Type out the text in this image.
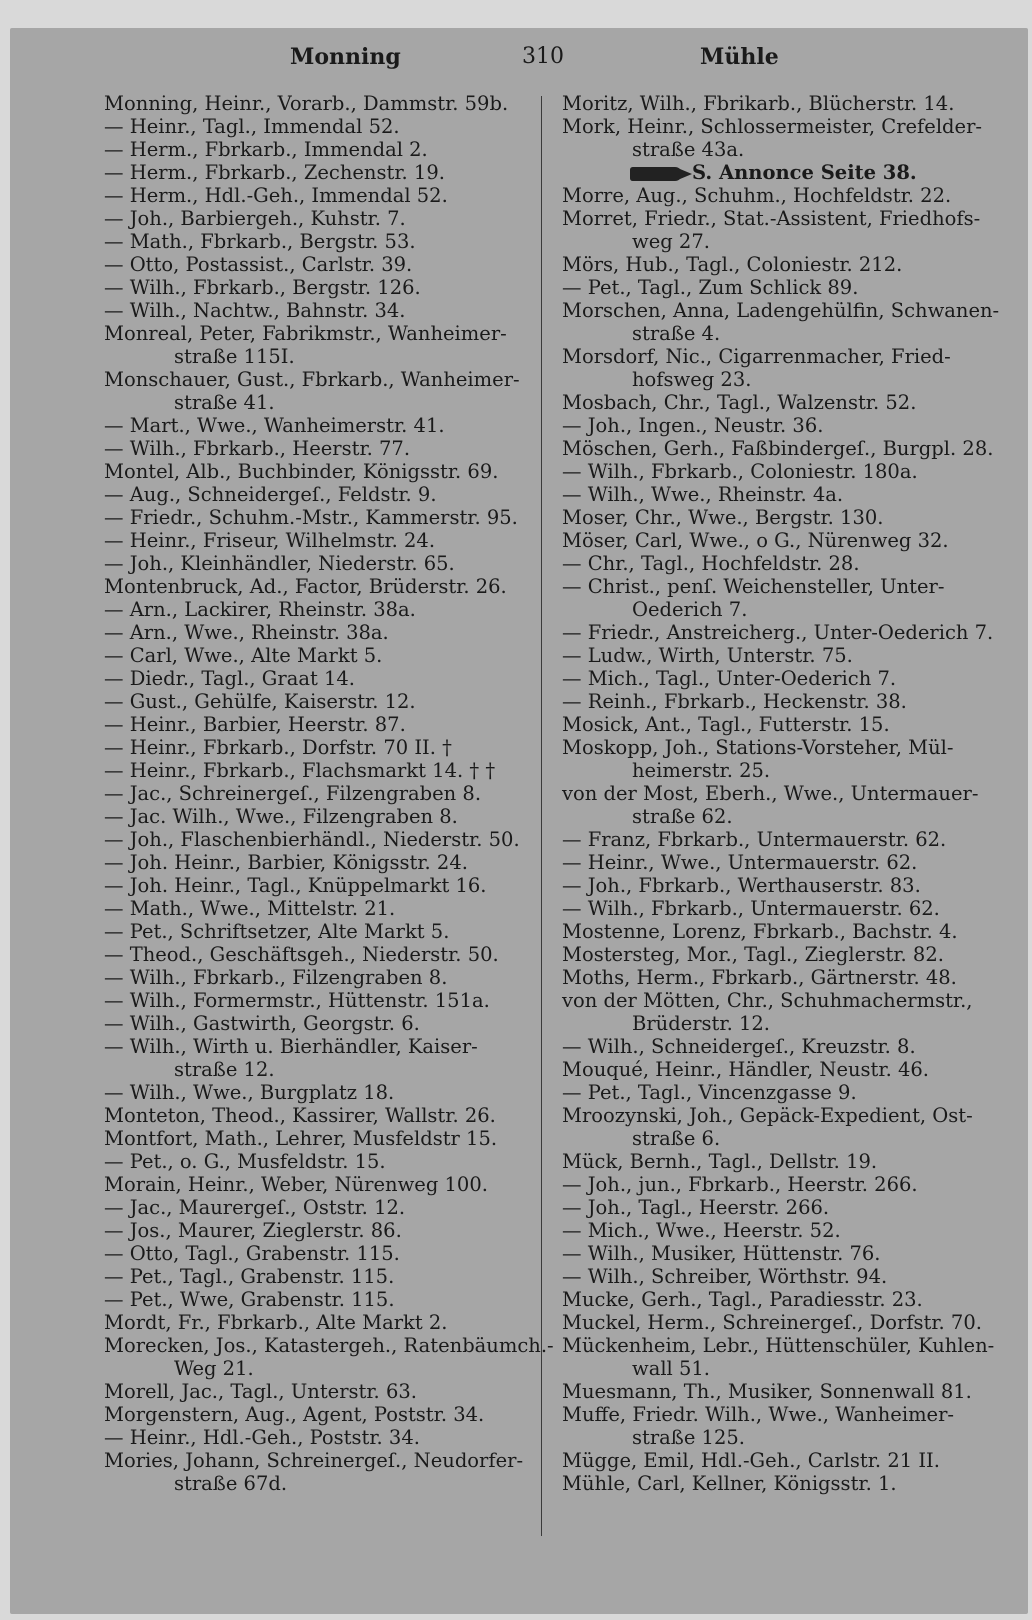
Monning	310	Mühle
Monning, Heinr., Vorarb., Dammstr. 59b.
— Heinr., Tagl., Immendal 52.
— Herm., Fbrkarb., Immendal 2.
— Herm., Fbrkarb., Zechenstr. 19.
— Herm., Hdl.-Geh., Immendal 52.
— Joh., Barbiergeh., Kuhstr. 7.
— Math., Fbrkarb., Bergstr. 53.
— Otto, Postassist., Carlstr. 39.
— Wilh., Fbrkarb., Bergstr. 126.
— Wilh., Nachtw., Bahnstr. 34.
Monreal, Peter, Fabrikmstr., Wanheimer-
straße 115I.
Monschauer, Gust., Fbrkarb., Wanheimer-
straße 41.
— Mart., Wwe., Wanheimerstr. 41.
— Wilh., Fbrkarb., Heerstr. 77.
Montel, Alb., Buchbinder, Königsstr. 69.
— Aug., Schneidergeſ., Feldstr. 9.
— Friedr., Schuhm.-Mstr., Kammerstr. 95.
— Heinr., Friseur, Wilhelmstr. 24.
— Joh., Kleinhändler, Niederstr. 65.
Montenbruck, Ad., Factor, Brüderstr. 26.
— Arn., Lackirer, Rheinstr. 38a.
— Arn., Wwe., Rheinstr. 38a.
— Carl, Wwe., Alte Markt 5.
— Diedr., Tagl., Graat 14.
— Gust., Gehülfe, Kaiserstr. 12.
— Heinr., Barbier, Heerstr. 87.
— Heinr., Fbrkarb., Dorfstr. 70 II. †
— Heinr., Fbrkarb., Flachsmarkt 14. † †
— Jac., Schreinergeſ., Filzengraben 8.
— Jac. Wilh., Wwe., Filzengraben 8.
— Joh., Flaschenbierhändl., Niederstr. 50.
— Joh. Heinr., Barbier, Königsstr. 24.
— Joh. Heinr., Tagl., Knüppelmarkt 16.
— Math., Wwe., Mittelstr. 21.
— Pet., Schriftsetzer, Alte Markt 5.
— Theod., Geschäftsgeh., Niederstr. 50.
— Wilh., Fbrkarb., Filzengraben 8.
— Wilh., Formermstr., Hüttenstr. 151a.
— Wilh., Gastwirth, Georgstr. 6.
— Wilh., Wirth u. Bierhändler, Kaiser-
straße 12.
— Wilh., Wwe., Burgplatz 18.
Monteton, Theod., Kassirer, Wallstr. 26.
Montfort, Math., Lehrer, Musfeldstr 15.
— Pet., o. G., Musfeldstr. 15.
Morain, Heinr., Weber, Nürenweg 100.
— Jac., Maurergeſ., Oststr. 12.
— Jos., Maurer, Zieglerstr. 86.
— Otto, Tagl., Grabenstr. 115.
— Pet., Tagl., Grabenstr. 115.
— Pet., Wwe, Grabenstr. 115.
Mordt, Fr., Fbrkarb., Alte Markt 2.
Morecken, Jos., Katastergeh., Ratenbäumch.-
Weg 21.
Morell, Jac., Tagl., Unterstr. 63.
Morgenstern, Aug., Agent, Poststr. 34.
— Heinr., Hdl.-Geh., Poststr. 34.
Mories, Johann, Schreinergeſ., Neudorfer-
straße 67d.
Moritz, Wilh., Fbrikarb., Blücherstr. 14.
Mork, Heinr., Schlossermeister, Crefelder-
straße 43a.
S. Annonce Seite 38.
Morre, Aug., Schuhm., Hochfeldstr. 22.
Morret, Friedr., Stat.-Assistent, Friedhofs-
weg 27.
Mörs, Hub., Tagl., Coloniestr. 212.
— Pet., Tagl., Zum Schlick 89.
Morschen, Anna, Ladengehülfin, Schwanen-
straße 4.
Morsdorf, Nic., Cigarrenmacher, Fried-
hofsweg 23.
Mosbach, Chr., Tagl., Walzenstr. 52.
— Joh., Ingen., Neustr. 36.
Möschen, Gerh., Faßbindergeſ., Burgpl. 28.
— Wilh., Fbrkarb., Coloniestr. 180a.
— Wilh., Wwe., Rheinstr. 4a.
Moser, Chr., Wwe., Bergstr. 130.
Möser, Carl, Wwe., o G., Nürenweg 32.
— Chr., Tagl., Hochfeldstr. 28.
— Christ., penſ. Weichensteller, Unter-
Oederich 7.
— Friedr., Anstreicherg., Unter-Oederich 7.
— Ludw., Wirth, Unterstr. 75.
— Mich., Tagl., Unter-Oederich 7.
— Reinh., Fbrkarb., Heckenstr. 38.
Mosick, Ant., Tagl., Futterstr. 15.
Moskopp, Joh., Stations-Vorsteher, Mül-
heimerstr. 25.
von der Most, Eberh., Wwe., Untermauer-
straße 62.
— Franz, Fbrkarb., Untermauerstr. 62.
— Heinr., Wwe., Untermauerstr. 62.
— Joh., Fbrkarb., Werthauserstr. 83.
— Wilh., Fbrkarb., Untermauerstr. 62.
Mostenne, Lorenz, Fbrkarb., Bachstr. 4.
Mostersteg, Mor., Tagl., Zieglerstr. 82.
Moths, Herm., Fbrkarb., Gärtnerstr. 48.
von der Mötten, Chr., Schuhmachermstr.,
Brüderstr. 12.
— Wilh., Schneidergeſ., Kreuzstr. 8.
Mouqué, Heinr., Händler, Neustr. 46.
— Pet., Tagl., Vincenzgasse 9.
Mroozynski, Joh., Gepäck-Expedient, Ost-
straße 6.
Mück, Bernh., Tagl., Dellstr. 19.
— Joh., jun., Fbrkarb., Heerstr. 266.
— Joh., Tagl., Heerstr. 266.
— Mich., Wwe., Heerstr. 52.
— Wilh., Musiker, Hüttenstr. 76.
— Wilh., Schreiber, Wörthstr. 94.
Mucke, Gerh., Tagl., Paradiesstr. 23.
Muckel, Herm., Schreinergeſ., Dorfstr. 70.
Mückenheim, Lebr., Hüttenschüler, Kuhlen-
wall 51.
Muesmann, Th., Musiker, Sonnenwall 81.
Muffe, Friedr. Wilh., Wwe., Wanheimer-
straße 125.
Mügge, Emil, Hdl.-Geh., Carlstr. 21 II.
Mühle, Carl, Kellner, Königsstr. 1.
